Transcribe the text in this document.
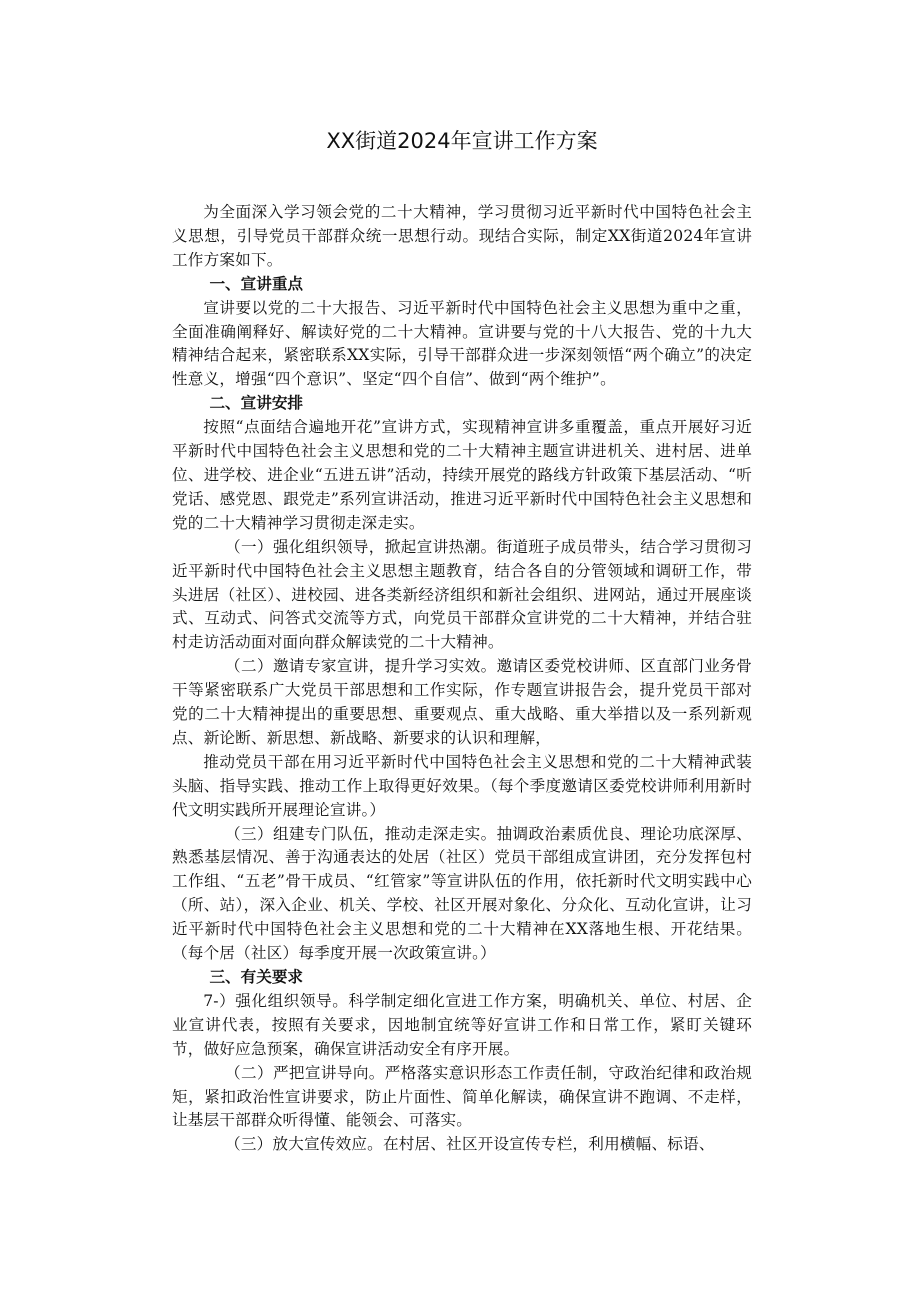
XX街道2024年宣讲工作方案

为全面深入学习领会党的二十大精神，学习贯彻习近平新时代中国特色社会主义思想，引导党员干部群众统一思想行动。现结合实际，制定XX街道2024年宣讲工作方案如下。

一、宣讲重点

宣讲要以党的二十大报告、习近平新时代中国特色社会主义思想为重中之重，全面准确阐释好、解读好党的二十大精神。宣讲要与党的十八大报告、党的十九大精神结合起来，紧密联系XX实际，引导干部群众进一步深刻领悟“两个确立”的决定性意义，增强“四个意识”、坚定“四个自信”、做到“两个维护”。

二、宣讲安排

按照“点面结合遍地开花”宣讲方式，实现精神宣讲多重覆盖，重点开展好习近平新时代中国特色社会主义思想和党的二十大精神主题宣讲进机关、进村居、进单位、进学校、进企业“五进五讲”活动，持续开展党的路线方针政策下基层活动、“听党话、感党恩、跟党走”系列宣讲活动，推进习近平新时代中国特色社会主义思想和党的二十大精神学习贯彻走深走实。

（一）强化组织领导，掀起宣讲热潮。街道班子成员带头，结合学习贯彻习近平新时代中国特色社会主义思想主题教育，结合各自的分管领域和调研工作，带头进居（社区）、进校园、进各类新经济组织和新社会组织、进网站，通过开展座谈式、互动式、问答式交流等方式，向党员干部群众宣讲党的二十大精神，并结合驻村走访活动面对面向群众解读党的二十大精神。

（二）邀请专家宣讲，提升学习实效。邀请区委党校讲师、区直部门业务骨干等紧密联系广大党员干部思想和工作实际，作专题宣讲报告会，提升党员干部对党的二十大精神提出的重要思想、重要观点、重大战略、重大举措以及一系列新观点、新论断、新思想、新战略、新要求的认识和理解，

推动党员干部在用习近平新时代中国特色社会主义思想和党的二十大精神武装头脑、指导实践、推动工作上取得更好效果。（每个季度邀请区委党校讲师利用新时代文明实践所开展理论宣讲。）

（三）组建专门队伍，推动走深走实。抽调政治素质优良、理论功底深厚、熟悉基层情况、善于沟通表达的处居（社区）党员干部组成宣讲团，充分发挥包村工作组、“五老”骨干成员、“红管家”等宣讲队伍的作用，依托新时代文明实践中心（所、站），深入企业、机关、学校、社区开展对象化、分众化、互动化宣讲，让习近平新时代中国特色社会主义思想和党的二十大精神在XX落地生根、开花结果。（每个居（社区）每季度开展一次政策宣讲。）

三、有关要求

7-）强化组织领导。科学制定细化宣进工作方案，明确机关、单位、村居、企业宣讲代表，按照有关要求，因地制宜统等好宣讲工作和日常工作，紧盯关键环节，做好应急预案，确保宣讲活动安全有序开展。

（二）严把宣讲导向。严格落实意识形态工作责任制，守政治纪律和政治规矩，紧扣政治性宣讲要求，防止片面性、简单化解读，确保宣讲不跑调、不走样，让基层干部群众听得懂、能领会、可落实。

（三）放大宣传效应。在村居、社区开设宣传专栏，利用横幅、标语、
